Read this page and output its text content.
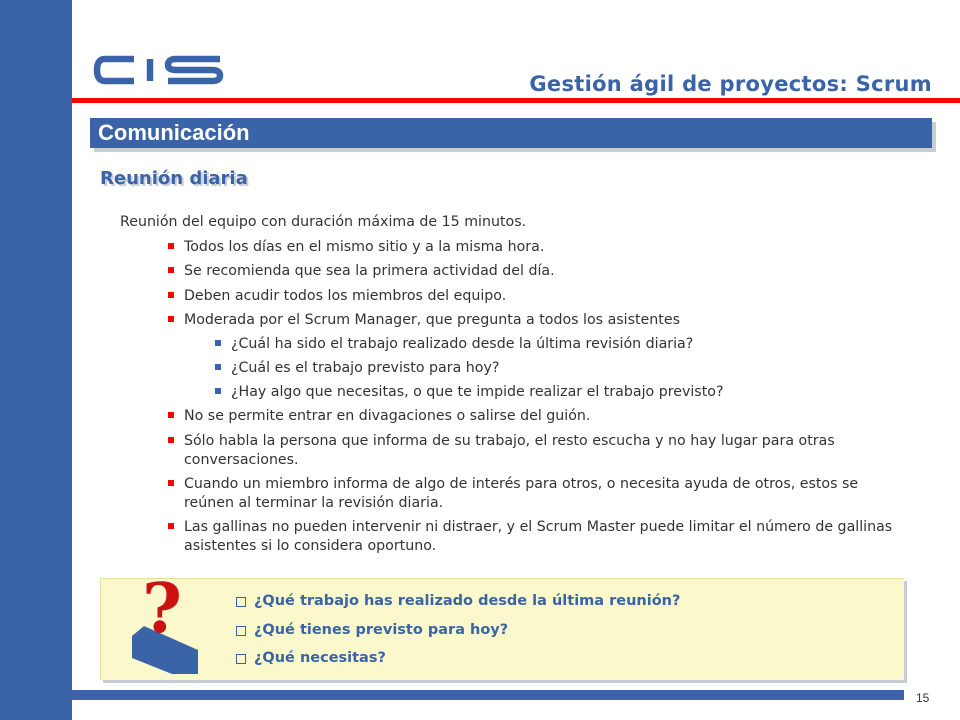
Gestión ágil de proyectos: Scrum
Comunicación
Reunión diaria
Reunión del equipo con duración máxima de 15 minutos.
Todos los días en el mismo sitio y a la misma hora.
Se recomienda que sea la primera actividad del día.
Deben acudir todos los miembros del equipo.
Moderada por el Scrum Manager, que pregunta a todos los asistentes
¿Cuál ha sido el trabajo realizado desde la última revisión diaria?
¿Cuál es el trabajo previsto para hoy?
¿Hay algo que necesitas, o que te impide realizar el trabajo previsto?
No se permite entrar en divagaciones o salirse del guión.
Sólo habla la persona que informa de su trabajo, el resto escucha y no hay lugar para otras conversaciones.
Cuando un miembro informa de algo de interés para otros, o necesita ayuda de otros, estos se reúnen al terminar la revisión diaria.
Las gallinas no pueden intervenir ni distraer, y el Scrum Master puede limitar el número de gallinas asistentes si lo considera oportuno.
?	¿Qué trabajo has realizado desde la última reunión?
¿Qué tienes previsto para hoy?
¿Qué necesitas?
15
